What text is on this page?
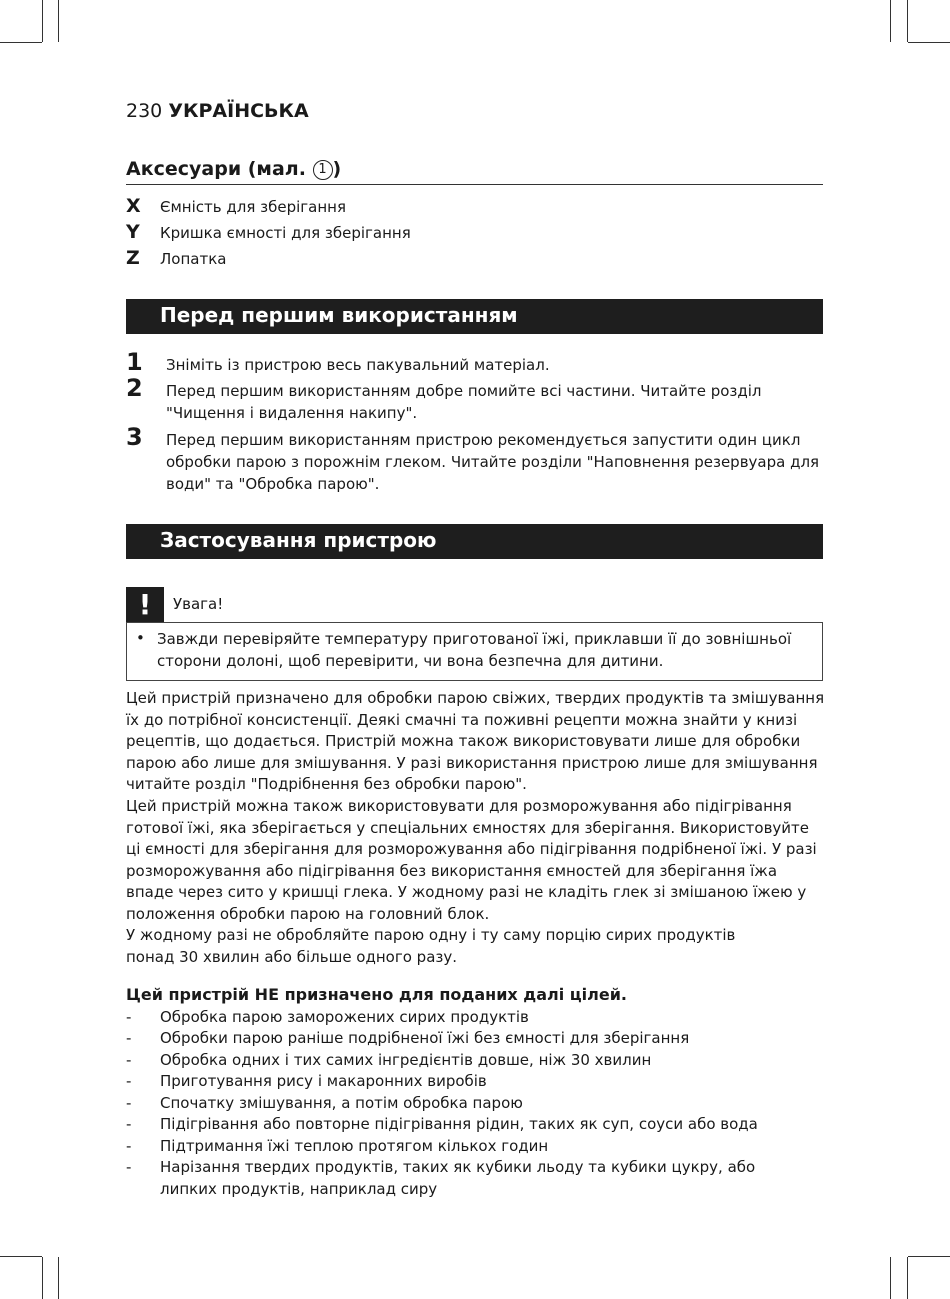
230 УКРАЇНСЬКА
Аксесуари (мал. 1 )
X Ємність для зберігання
Y Кришка ємності для зберігання
Z Лопатка
Перед першим використанням
1 Зніміть із пристрою весь пакувальний матеріал.
2 Перед першим використанням добре помийте всі частини. Читайте розділ "Чищення і видалення накипу".
3 Перед першим використанням пристрою рекомендується запустити один цикл обробки парою з порожнім глеком. Читайте розділи "Наповнення резервуара для води" та "Обробка парою".
Застосування пристрою
!	Увага!
• Завжди перевіряйте температуру приготованої їжі, приклавши її до зовнішньої сторони долоні, щоб перевірити, чи вона безпечна для дитини.
Цей пристрій призначено для обробки парою свіжих, твердих продуктів та змішування їх до потрібної консистенції. Деякі смачні та поживні рецепти можна знайти у книзі рецептів, що додається. Пристрій можна також використовувати лише для обробки парою або лише для змішування. У разі використання пристрою лише для змішування читайте розділ "Подрібнення без обробки парою".
Цей пристрій можна також використовувати для розморожування або підігрівання готової їжі, яка зберігається у спеціальних ємностях для зберігання. Використовуйте ці ємності для зберігання для розморожування або підігрівання подрібненої їжі. У разі розморожування або підігрівання без використання ємностей для зберігання їжа впаде через сито у кришці глека. У жодному разі не кладіть глек зі змішаною їжею у положення обробки парою на головний блок.
У жодному разі не обробляйте парою одну і ту саму порцію сирих продуктів понад 30 хвилин або більше одного разу.
Цей пристрій НЕ призначено для поданих далі цілей.
- Обробка парою заморожених сирих продуктів
- Обробки парою раніше подрібненої їжі без ємності для зберігання
- Обробка одних і тих самих інгредієнтів довше, ніж 30 хвилин
- Приготування рису і макаронних виробів
- Спочатку змішування, а потім обробка парою
- Підігрівання або повторне підігрівання рідин, таких як суп, соуси або вода
- Підтримання їжі теплою протягом кількох годин
- Нарізання твердих продуктів, таких як кубики льоду та кубики цукру, або липких продуктів, наприклад сиру
